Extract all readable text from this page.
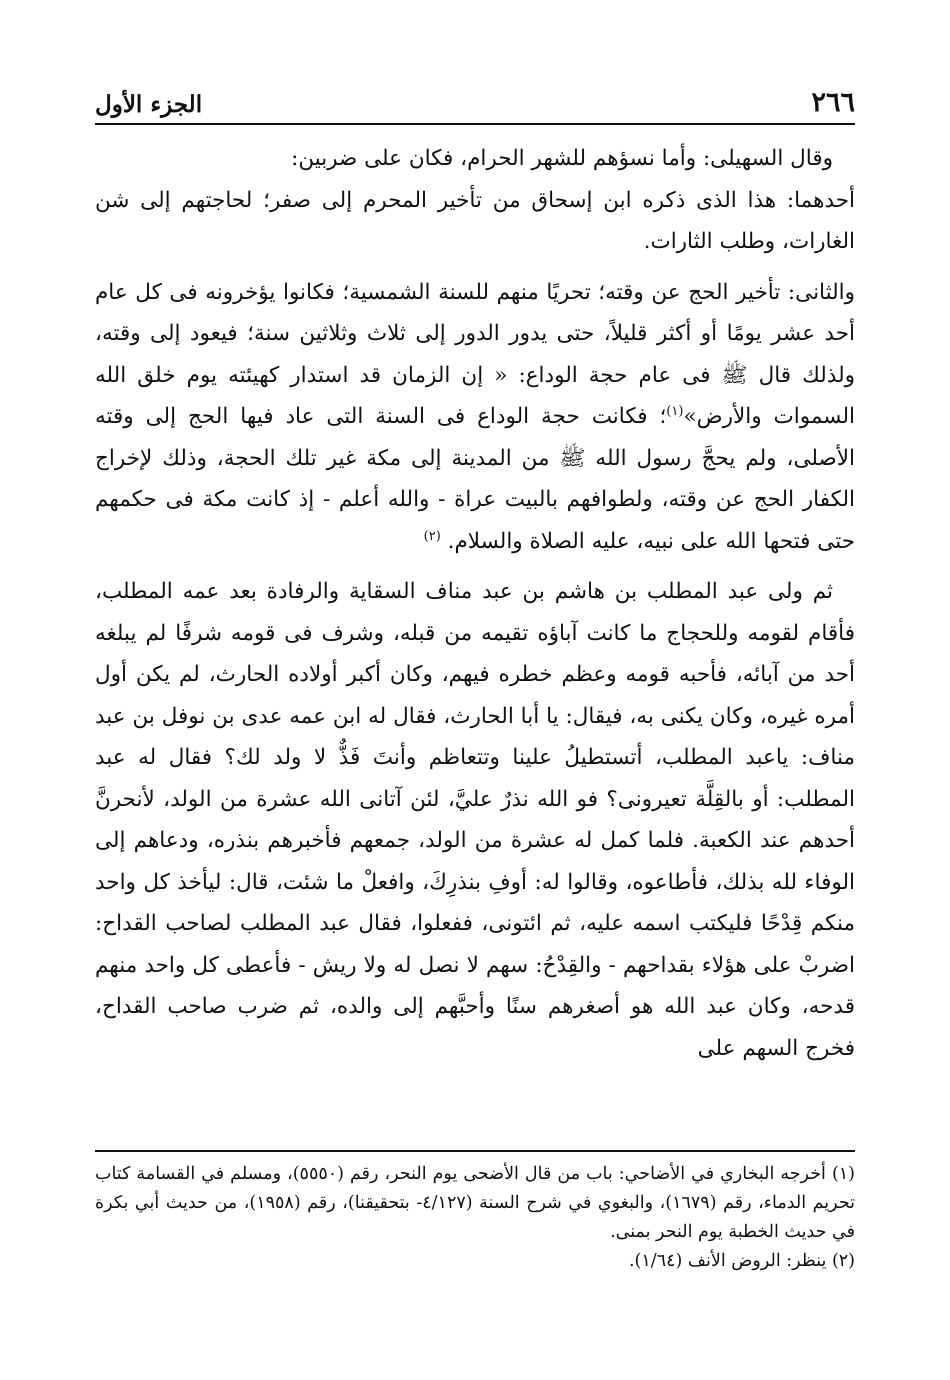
٢٦٦
الجزء الأول

وقال السهيلى: وأما نسؤهم للشهر الحرام، فكان على ضربين:

أحدهما: هذا الذى ذكره ابن إسحاق من تأخير المحرم إلى صفر؛ لحاجتهم إلى شن الغارات، وطلب الثارات.

والثانى: تأخير الحج عن وقته؛ تحريًا منهم للسنة الشمسية؛ فكانوا يؤخرونه فى كل عام أحد عشر يومًا أو أكثر قليلاً، حتى يدور الدور إلى ثلاث وثلاثين سنة؛ فيعود إلى وقته، ولذلك قال ﷺ فى عام حجة الوداع: « إن الزمان قد استدار كهيئته يوم خلق الله السموات والأرض»$^{(١)}$؛ فكانت حجة الوداع فى السنة التى عاد فيها الحج إلى وقته الأصلى، ولم يحجَّ رسول الله ﷺ من المدينة إلى مكة غير تلك الحجة، وذلك لإخراج الكفار الحج عن وقته، ولطوافهم بالبيت عراة - والله أعلم - إذ كانت مكة فى حكمهم حتى فتحها الله على نبيه، عليه الصلاة والسلام. $^{(٢)}$

ثم ولى عبد المطلب بن هاشم بن عبد مناف السقاية والرفادة بعد عمه المطلب، فأقام لقومه وللحجاج ما كانت آباؤه تقيمه من قبله، وشرف فى قومه شرفًا لم يبلغه أحد من آبائه، فأحبه قومه وعظم خطره فيهم، وكان أكبر أولاده الحارث، لم يكن أول أمره غيره، وكان يكنى به، فيقال: يا أبا الحارث، فقال له ابن عمه عدى بن نوفل بن عبد مناف: ياعبد المطلب، أتستطيلُ علينا وتتعاظم وأنتَ فَذٌّ لا ولد لك؟ فقال له عبد المطلب: أو بالقِلَّة تعيرونى؟ فو الله نذرٌ عليَّ، لئن آتانى الله عشرة من الولد، لأنحرنَّ أحدهم عند الكعبة. فلما كمل له عشرة من الولد، جمعهم فأخبرهم بنذره، ودعاهم إلى الوفاء لله بذلك، فأطاعوه، وقالوا له: أوفِ بنذرِكَ، وافعلْ ما شئت، قال: ليأخذ كل واحد منكم قِدْحًا فليكتب اسمه عليه، ثم ائتونى، ففعلوا، فقال عبد المطلب لصاحب القداح: اضربْ على هؤلاء بقداحهم - والقِدْحُ: سهم لا نصل له ولا ريش - فأعطى كل واحد منهم قدحه، وكان عبد الله هو أصغرهم سنًا وأحبَّهم إلى والده، ثم ضرب صاحب القداح، فخرج السهم على

(١) أخرجه البخاري في الأضاحي: باب من قال الأضحى يوم النحر، رقم (٥٥٥٠)، ومسلم في القسامة كتاب تحريم الدماء، رقم (١٦٧٩)، والبغوي في شرح السنة (٤/١٢٧- بتحقيقنا)، رقم (١٩٥٨)، من حديث أبي بكرة في حديث الخطبة يوم النحر بمنى.

(٢) ينظر: الروض الأنف (١/٦٤).
